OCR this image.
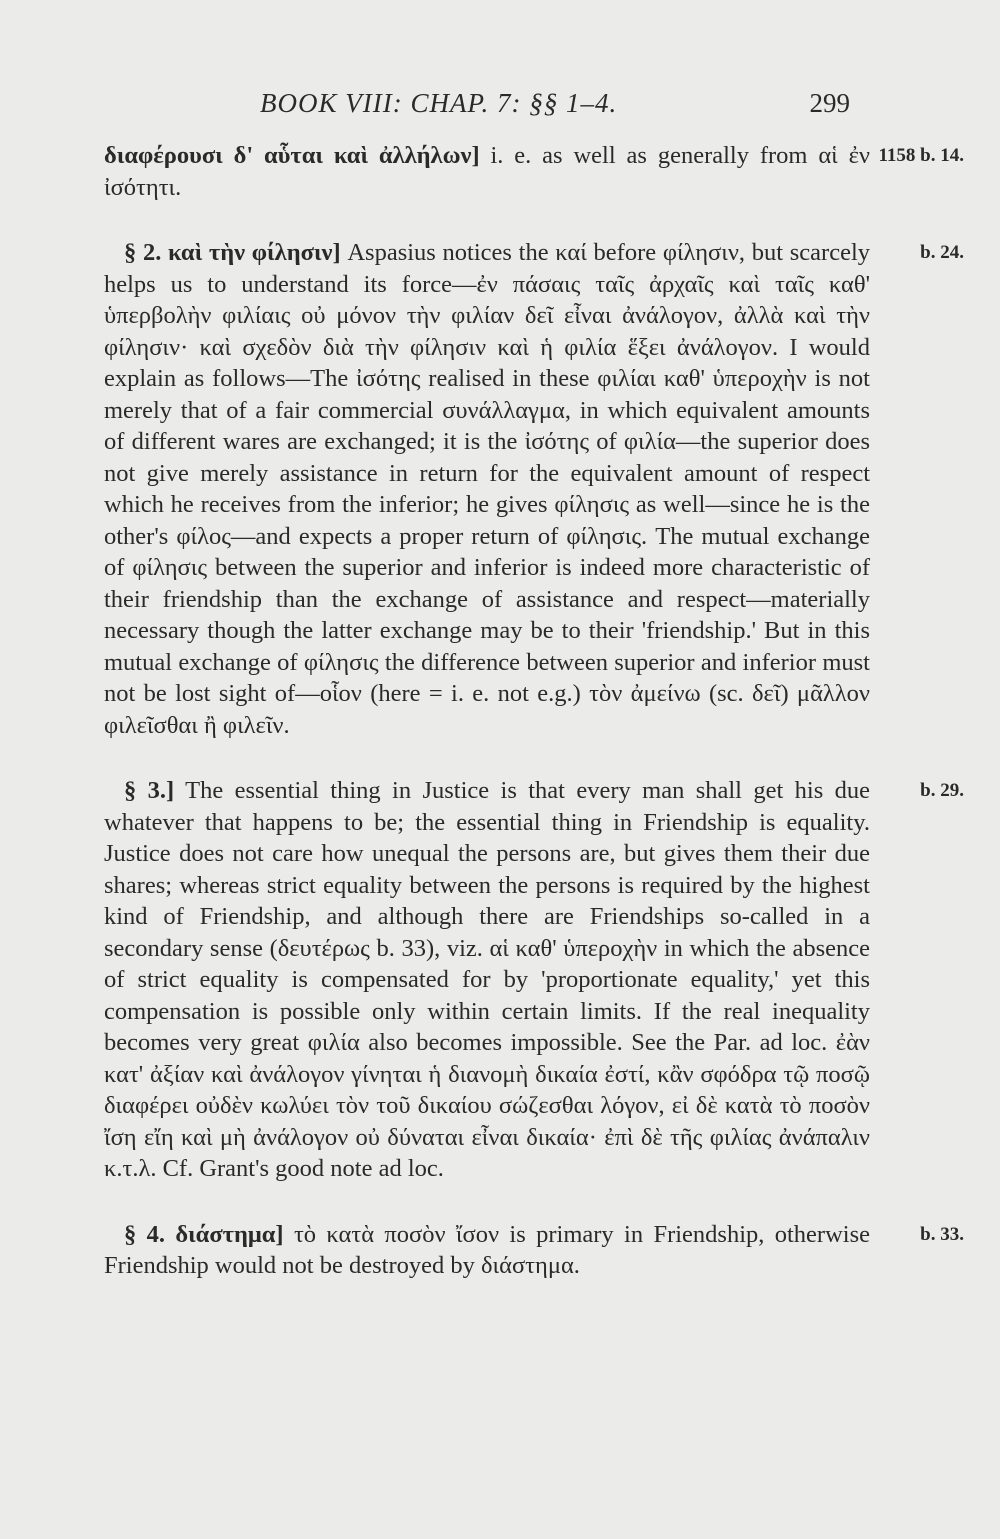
BOOK VIII: CHAP. 7: §§ 1–4.	299
1158 b. 14.

διαφέρουσι δ' αὗται καὶ ἀλλήλων] i. e. as well as generally from αἱ ἐν ἰσότητι.

b. 24.

§ 2. καὶ τὴν φίλησιν] Aspasius notices the καί before φίλησιν, but scarcely helps us to understand its force—ἐν πάσαις ταῖς ἀρχαῖς καὶ ταῖς καθ' ὑπερβολὴν φιλίαις οὐ μόνον τὴν φιλίαν δεῖ εἶναι ἀνάλογον, ἀλλὰ καὶ τὴν φίλησιν· καὶ σχεδὸν διὰ τὴν φίλησιν καὶ ἡ φιλία ἕξει ἀνάλογον. I would explain as follows—The ἰσότης realised in these φιλίαι καθ' ὑπεροχὴν is not merely that of a fair commercial συνάλλαγμα, in which equivalent amounts of different wares are exchanged; it is the ἰσότης of φιλία—the superior does not give merely assistance in return for the equivalent amount of respect which he receives from the inferior; he gives φίλησις as well—since he is the other's φίλος—and expects a proper return of φίλησις. The mutual exchange of φίλησις between the superior and inferior is indeed more characteristic of their friendship than the exchange of assistance and respect—materially necessary though the latter exchange may be to their 'friendship.' But in this mutual exchange of φίλησις the difference between superior and inferior must not be lost sight of—οἷον (here = i. e. not e.g.) τὸν ἀμείνω (sc. δεῖ) μᾶλλον φιλεῖσθαι ἢ φιλεῖν.

b. 29.

§ 3.] The essential thing in Justice is that every man shall get his due whatever that happens to be; the essential thing in Friendship is equality. Justice does not care how unequal the persons are, but gives them their due shares; whereas strict equality between the persons is required by the highest kind of Friendship, and although there are Friendships so-called in a secondary sense (δευτέρως b. 33), viz. αἱ καθ' ὑπεροχὴν in which the absence of strict equality is compensated for by 'proportionate equality,' yet this compensation is possible only within certain limits. If the real inequality becomes very great φιλία also becomes impossible. See the Par. ad loc. ἐὰν κατ' ἀξίαν καὶ ἀνάλογον γίνηται ἡ διανομὴ δικαία ἐστί, κἂν σφόδρα τῷ ποσῷ διαφέρει οὐδὲν κωλύει τὸν τοῦ δικαίου σώζεσθαι λόγον, εἰ δὲ κατὰ τὸ ποσὸν ἴση εἴη καὶ μὴ ἀνάλογον οὐ δύναται εἶναι δικαία· ἐπὶ δὲ τῆς φιλίας ἀνάπαλιν κ.τ.λ. Cf. Grant's good note ad loc.

b. 33.

§ 4. διάστημα] τὸ κατὰ ποσὸν ἴσον is primary in Friendship, otherwise Friendship would not be destroyed by διάστημα.
